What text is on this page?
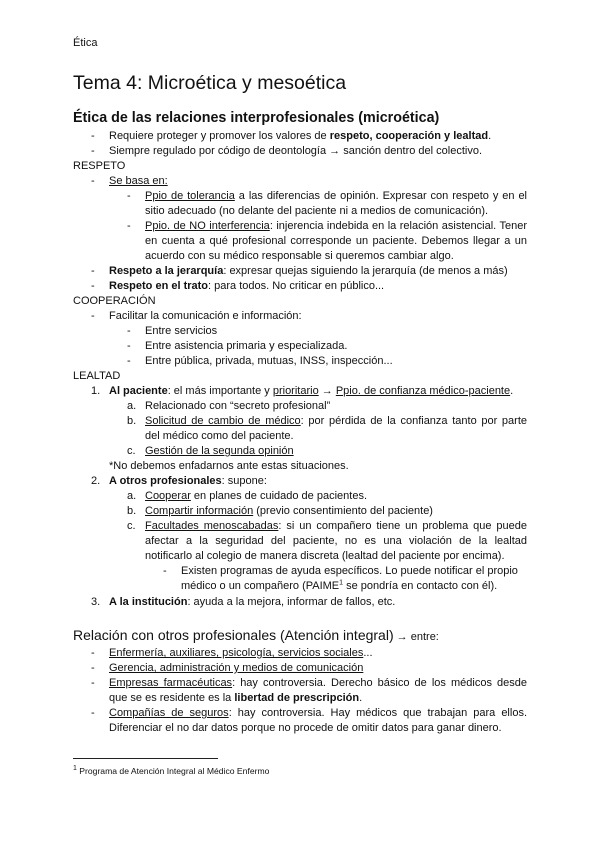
Ética
Tema 4: Microética y mesoética
Ética de las relaciones interprofesionales (microética)
- Requiere proteger y promover los valores de respeto, cooperación y lealtad.
- Siempre regulado por código de deontología → sanción dentro del colectivo.
RESPETO
- Se basa en:
- Ppio de tolerancia a las diferencias de opinión. Expresar con respeto y en el
sitio adecuado (no delante del paciente ni a medios de comunicación).
- Ppio. de NO interferencia: injerencia indebida en la relación asistencial. Tener
en cuenta a qué profesional corresponde un paciente. Debemos llegar a un
acuerdo con su médico responsable si queremos cambiar algo.
- Respeto a la jerarquía: expresar quejas siguiendo la jerarquía (de menos a más)
- Respeto en el trato: para todos. No criticar en público...
COOPERACIÓN
- Facilitar la comunicación e información:
- Entre servicios
- Entre asistencia primaria y especializada.
- Entre pública, privada, mutuas, INSS, inspección...
LEALTAD
1. Al paciente: el más importante y prioritario → Ppio. de confianza médico-paciente.
a. Relacionado con “secreto profesional”
b. Solicitud de cambio de médico: por pérdida de la confianza tanto por parte
del médico como del paciente.
c. Gestión de la segunda opinión
*No debemos enfadarnos ante estas situaciones.
2. A otros profesionales: supone:
a. Cooperar en planes de cuidado de pacientes.
b. Compartir información (previo consentimiento del paciente)
c. Facultades menoscabadas: si un compañero tiene un problema que puede
afectar a la seguridad del paciente, no es una violación de la lealtad
notificarlo al colegio de manera discreta (lealtad del paciente por encima).
- Existen programas de ayuda específicos. Lo puede notificar el propio
médico o un compañero (PAIME$^1$ se pondría en contacto con él).
3. A la institución: ayuda a la mejora, informar de fallos, etc.
Relación con otros profesionales (Atención integral) → entre:
- Enfermería, auxiliares, psicología, servicios sociales...
- Gerencia, administración y medios de comunicación
- Empresas farmacéuticas: hay controversia. Derecho básico de los médicos desde
que se es residente es la libertad de prescripción.
- Compañías de seguros: hay controversia. Hay médicos que trabajan para ellos.
Diferenciar el no dar datos porque no procede de omitir datos para ganar dinero.
$^1$ Programa de Atención Integral al Médico Enfermo
